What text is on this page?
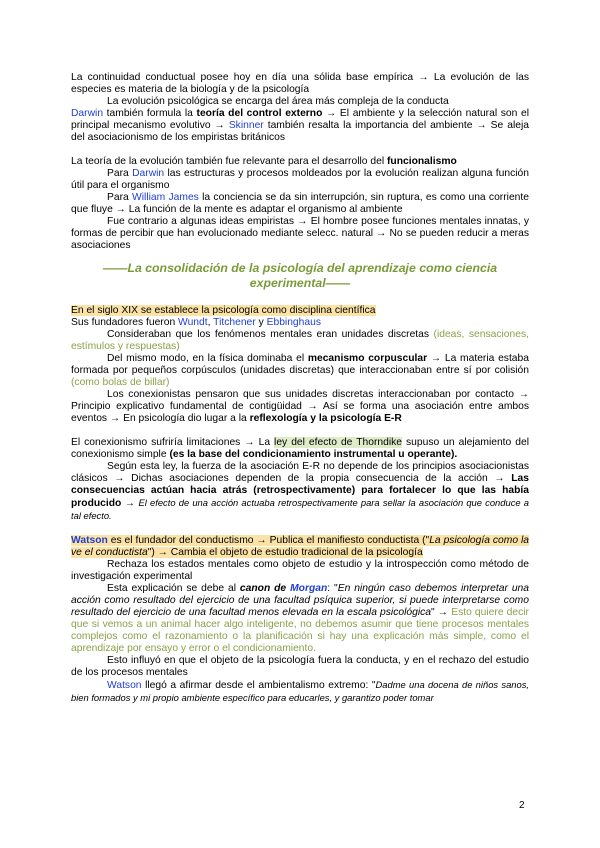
La continuidad conductual posee hoy en día una sólida base empírica → La evolución de las especies es materia de la biología y de la psicología

La evolución psicológica se encarga del área más compleja de la conducta

Darwin también formula la teoría del control externo → El ambiente y la selección natural son el principal mecanismo evolutivo → Skinner también resalta la importancia del ambiente → Se aleja del asociacionismo de los empiristas británicos

La teoría de la evolución también fue relevante para el desarrollo del funcionalismo

Para Darwin las estructuras y procesos moldeados por la evolución realizan alguna función útil para el organismo

Para William James la conciencia se da sin interrupción, sin ruptura, es como una corriente que fluye → La función de la mente es adaptar el organismo al ambiente

Fue contrario a algunas ideas empiristas → El hombre posee funciones mentales innatas, y formas de percibir que han evolucionado mediante selecc. natural → No se pueden reducir a meras asociaciones

——La consolidación de la psicología del aprendizaje como ciencia experimental——

En el siglo XIX se establece la psicología como disciplina científica

Sus fundadores fueron Wundt, Titchener y Ebbinghaus

Consideraban que los fenómenos mentales eran unidades discretas (ideas, sensaciones, estímulos y respuestas)

Del mismo modo, en la física dominaba el mecanismo corpuscular → La materia estaba formada por pequeños corpúsculos (unidades discretas) que interaccionaban entre sí por colisión (como bolas de billar)

Los conexionistas pensaron que sus unidades discretas interaccionaban por contacto → Principio explicativo fundamental de contigüidad → Así se forma una asociación entre ambos eventos → En psicología dio lugar a la reflexología y la psicología E-R

El conexionismo sufriría limitaciones → La ley del efecto de Thorndike supuso un alejamiento del conexionismo simple (es la base del condicionamiento instrumental u operante).

Según esta ley, la fuerza de la asociación E-R no depende de los principios asociacionistas clásicos → Dichas asociaciones dependen de la propia consecuencia de la acción → Las consecuencias actúan hacia atrás (retrospectivamente) para fortalecer lo que las había producido → El efecto de una acción actuaba retrospectivamente para sellar la asociación que conduce a tal efecto.

Watson es el fundador del conductismo → Publica el manifiesto conductista ("La psicología como la ve el conductista") → Cambia el objeto de estudio tradicional de la psicología

Rechaza los estados mentales como objeto de estudio y la introspección como método de investigación experimental

Esta explicación se debe al canon de Morgan: "En ningún caso debemos interpretar una acción como resultado del ejercicio de una facultad psíquica superior, si puede interpretarse como resultado del ejercicio de una facultad menos elevada en la escala psicológica" → Esto quiere decir que si vemos a un animal hacer algo inteligente, no debemos asumir que tiene procesos mentales complejos como el razonamiento o la planificación si hay una explicación más simple, como el aprendizaje por ensayo y error o el condicionamiento.

Esto influyó en que el objeto de la psicología fuera la conducta, y en el rechazo del estudio de los procesos mentales

Watson llegó a afirmar desde el ambientalismo extremo: "Dadme una docena de niños sanos, bien formados y mi propio ambiente específico para educarles, y garantizo poder tomar

2
